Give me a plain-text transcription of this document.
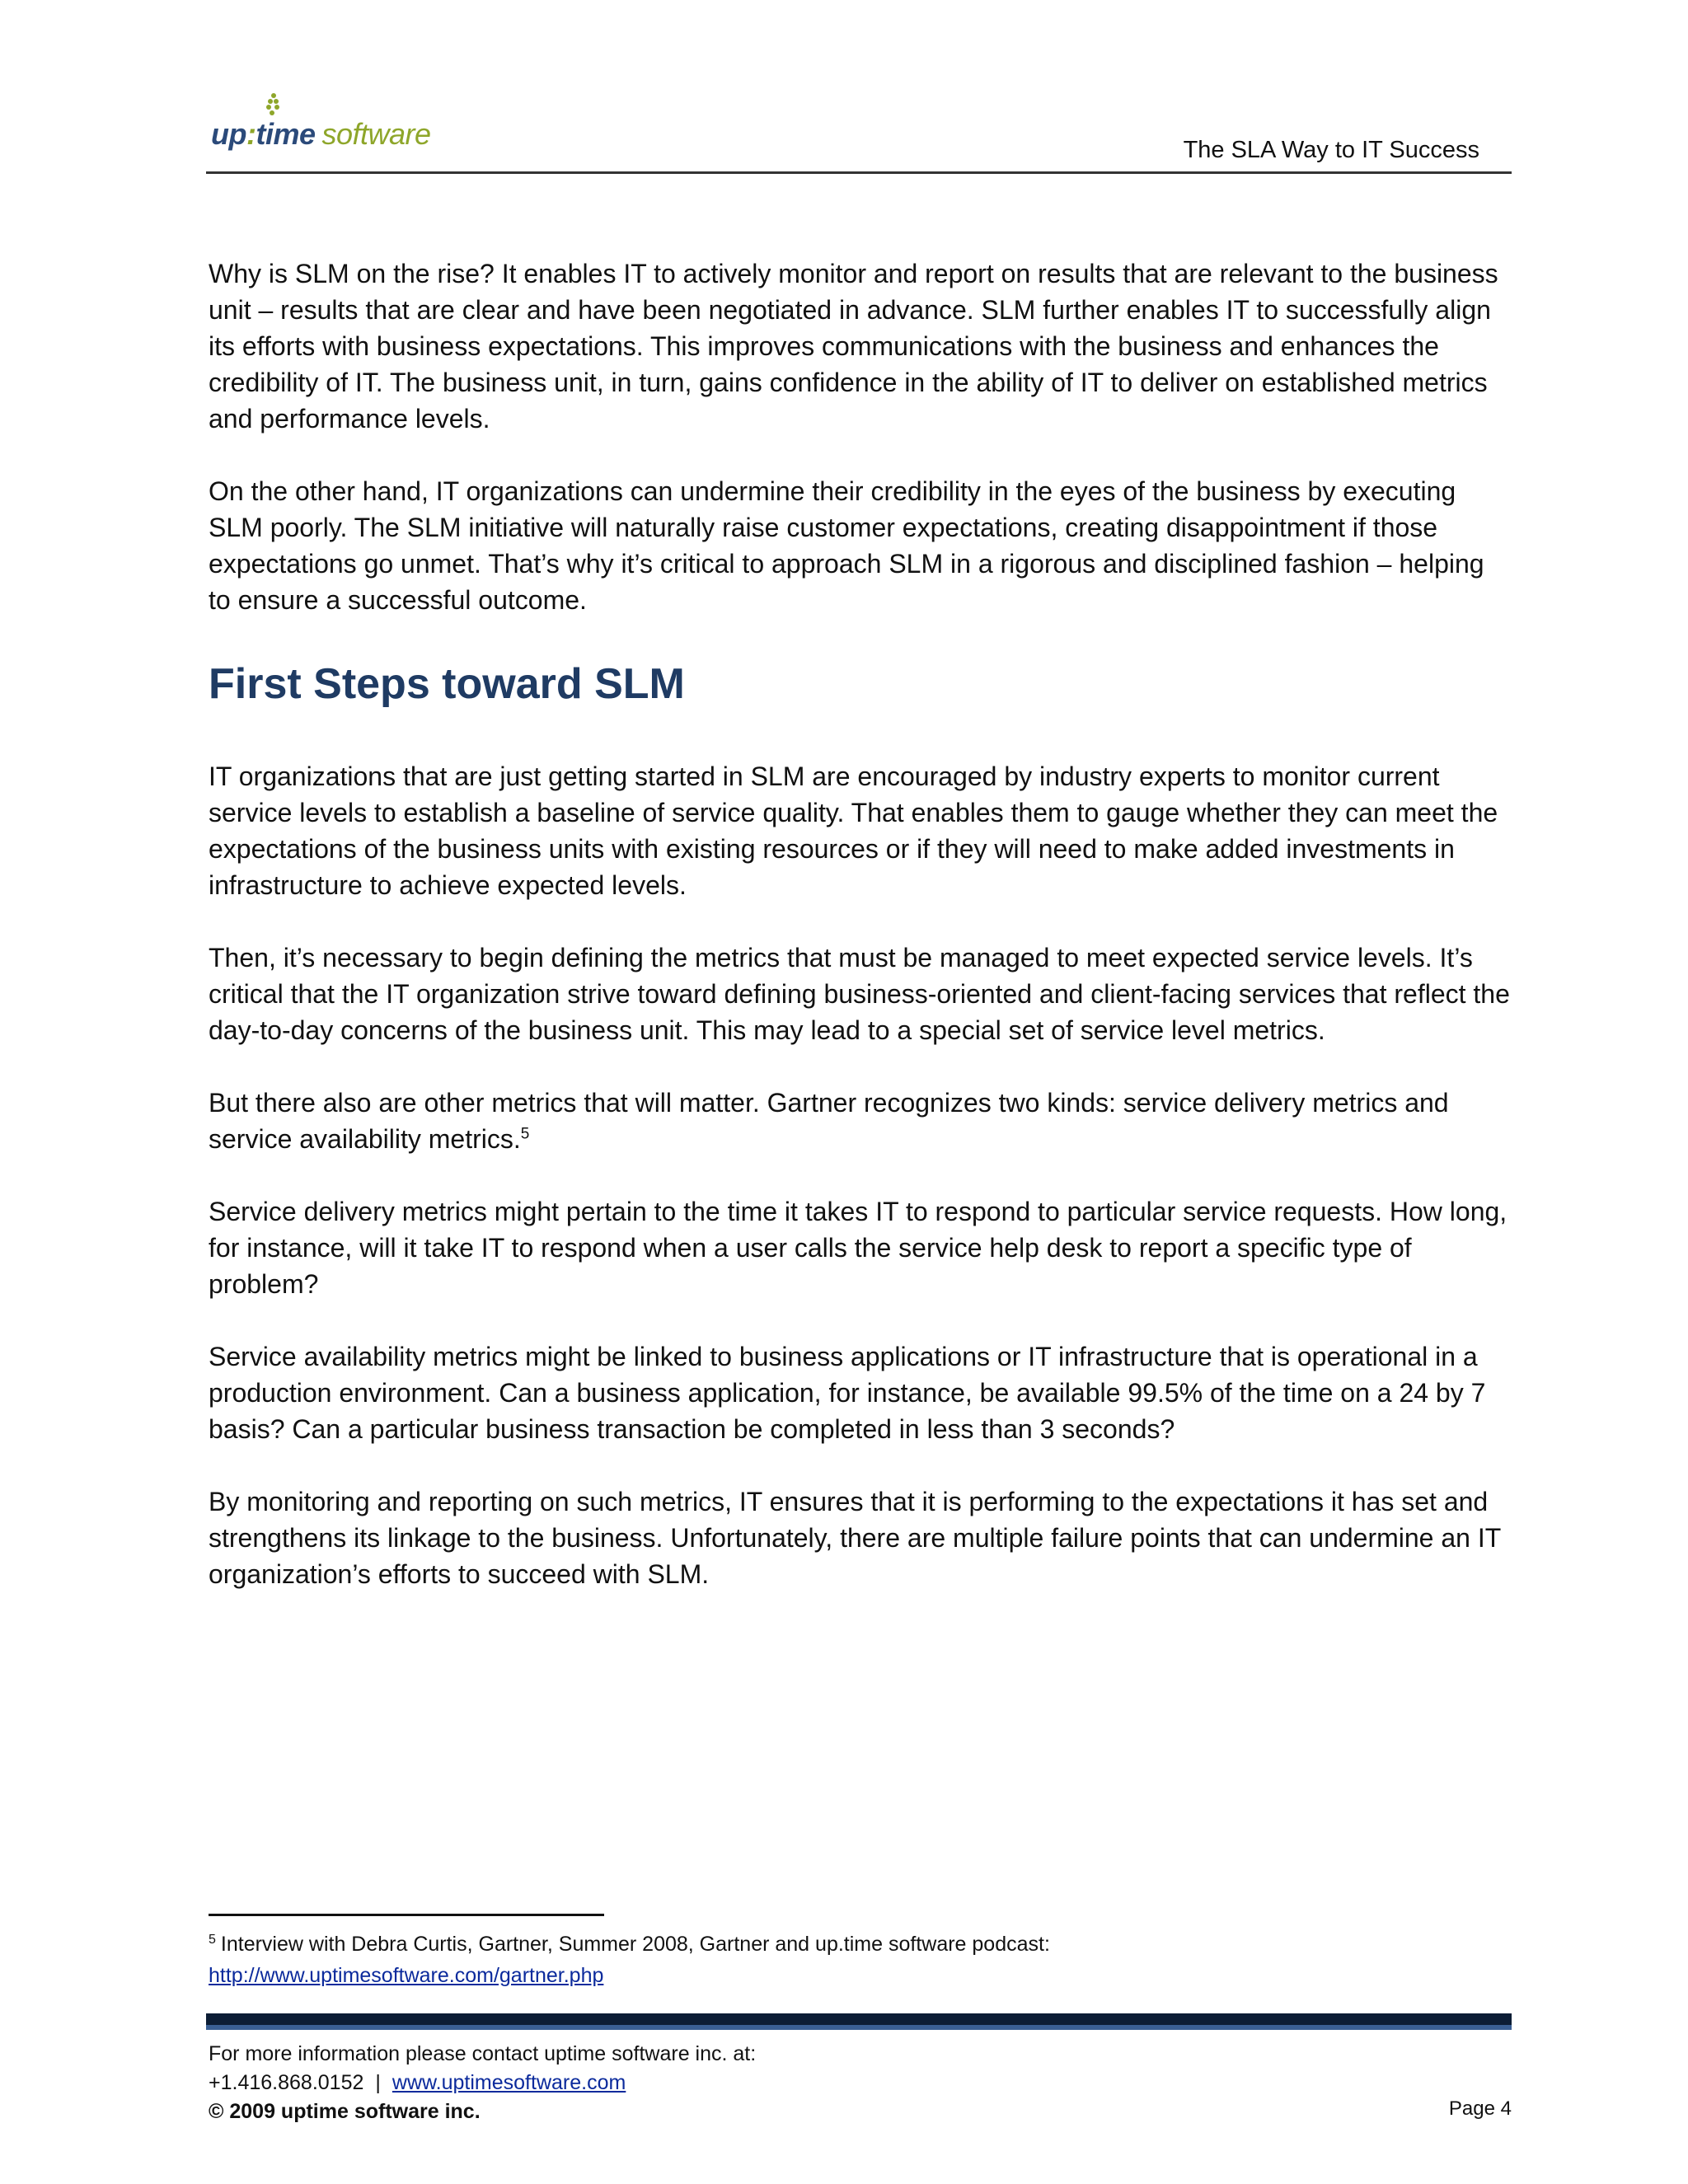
up:time software	The SLA Way to IT Success

Why is SLM on the rise? It enables IT to actively monitor and report on results that are relevant to the business unit – results that are clear and have been negotiated in advance. SLM further enables IT to successfully align its efforts with business expectations. This improves communications with the business and enhances the credibility of IT. The business unit, in turn, gains confidence in the ability of IT to deliver on established metrics and performance levels.

On the other hand, IT organizations can undermine their credibility in the eyes of the business by executing SLM poorly. The SLM initiative will naturally raise customer expectations, creating disappointment if those expectations go unmet. That’s why it’s critical to approach SLM in a rigorous and disciplined fashion – helping to ensure a successful outcome.

First Steps toward SLM

IT organizations that are just getting started in SLM are encouraged by industry experts to monitor current service levels to establish a baseline of service quality. That enables them to gauge whether they can meet the expectations of the business units with existing resources or if they will need to make added investments in infrastructure to achieve expected levels.

Then, it’s necessary to begin defining the metrics that must be managed to meet expected service levels. It’s critical that the IT organization strive toward defining business-oriented and client-facing services that reflect the day-to-day concerns of the business unit. This may lead to a special set of service level metrics.

But there also are other metrics that will matter. Gartner recognizes two kinds: service delivery metrics and service availability metrics.$^5$

Service delivery metrics might pertain to the time it takes IT to respond to particular service requests. How long, for instance, will it take IT to respond when a user calls the service help desk to report a specific type of problem?

Service availability metrics might be linked to business applications or IT infrastructure that is operational in a production environment. Can a business application, for instance, be available 99.5% of the time on a 24 by 7 basis? Can a particular business transaction be completed in less than 3 seconds?

By monitoring and reporting on such metrics, IT ensures that it is performing to the expectations it has set and strengthens its linkage to the business. Unfortunately, there are multiple failure points that can undermine an IT organization’s efforts to succeed with SLM.

$^5$ Interview with Debra Curtis, Gartner, Summer 2008, Gartner and up.time software podcast:
http://www.uptimesoftware.com/gartner.php
For more information please contact uptime software inc. at:
+1.416.868.0152 | www.uptimesoftware.com
© 2009 uptime software inc.	Page 4
